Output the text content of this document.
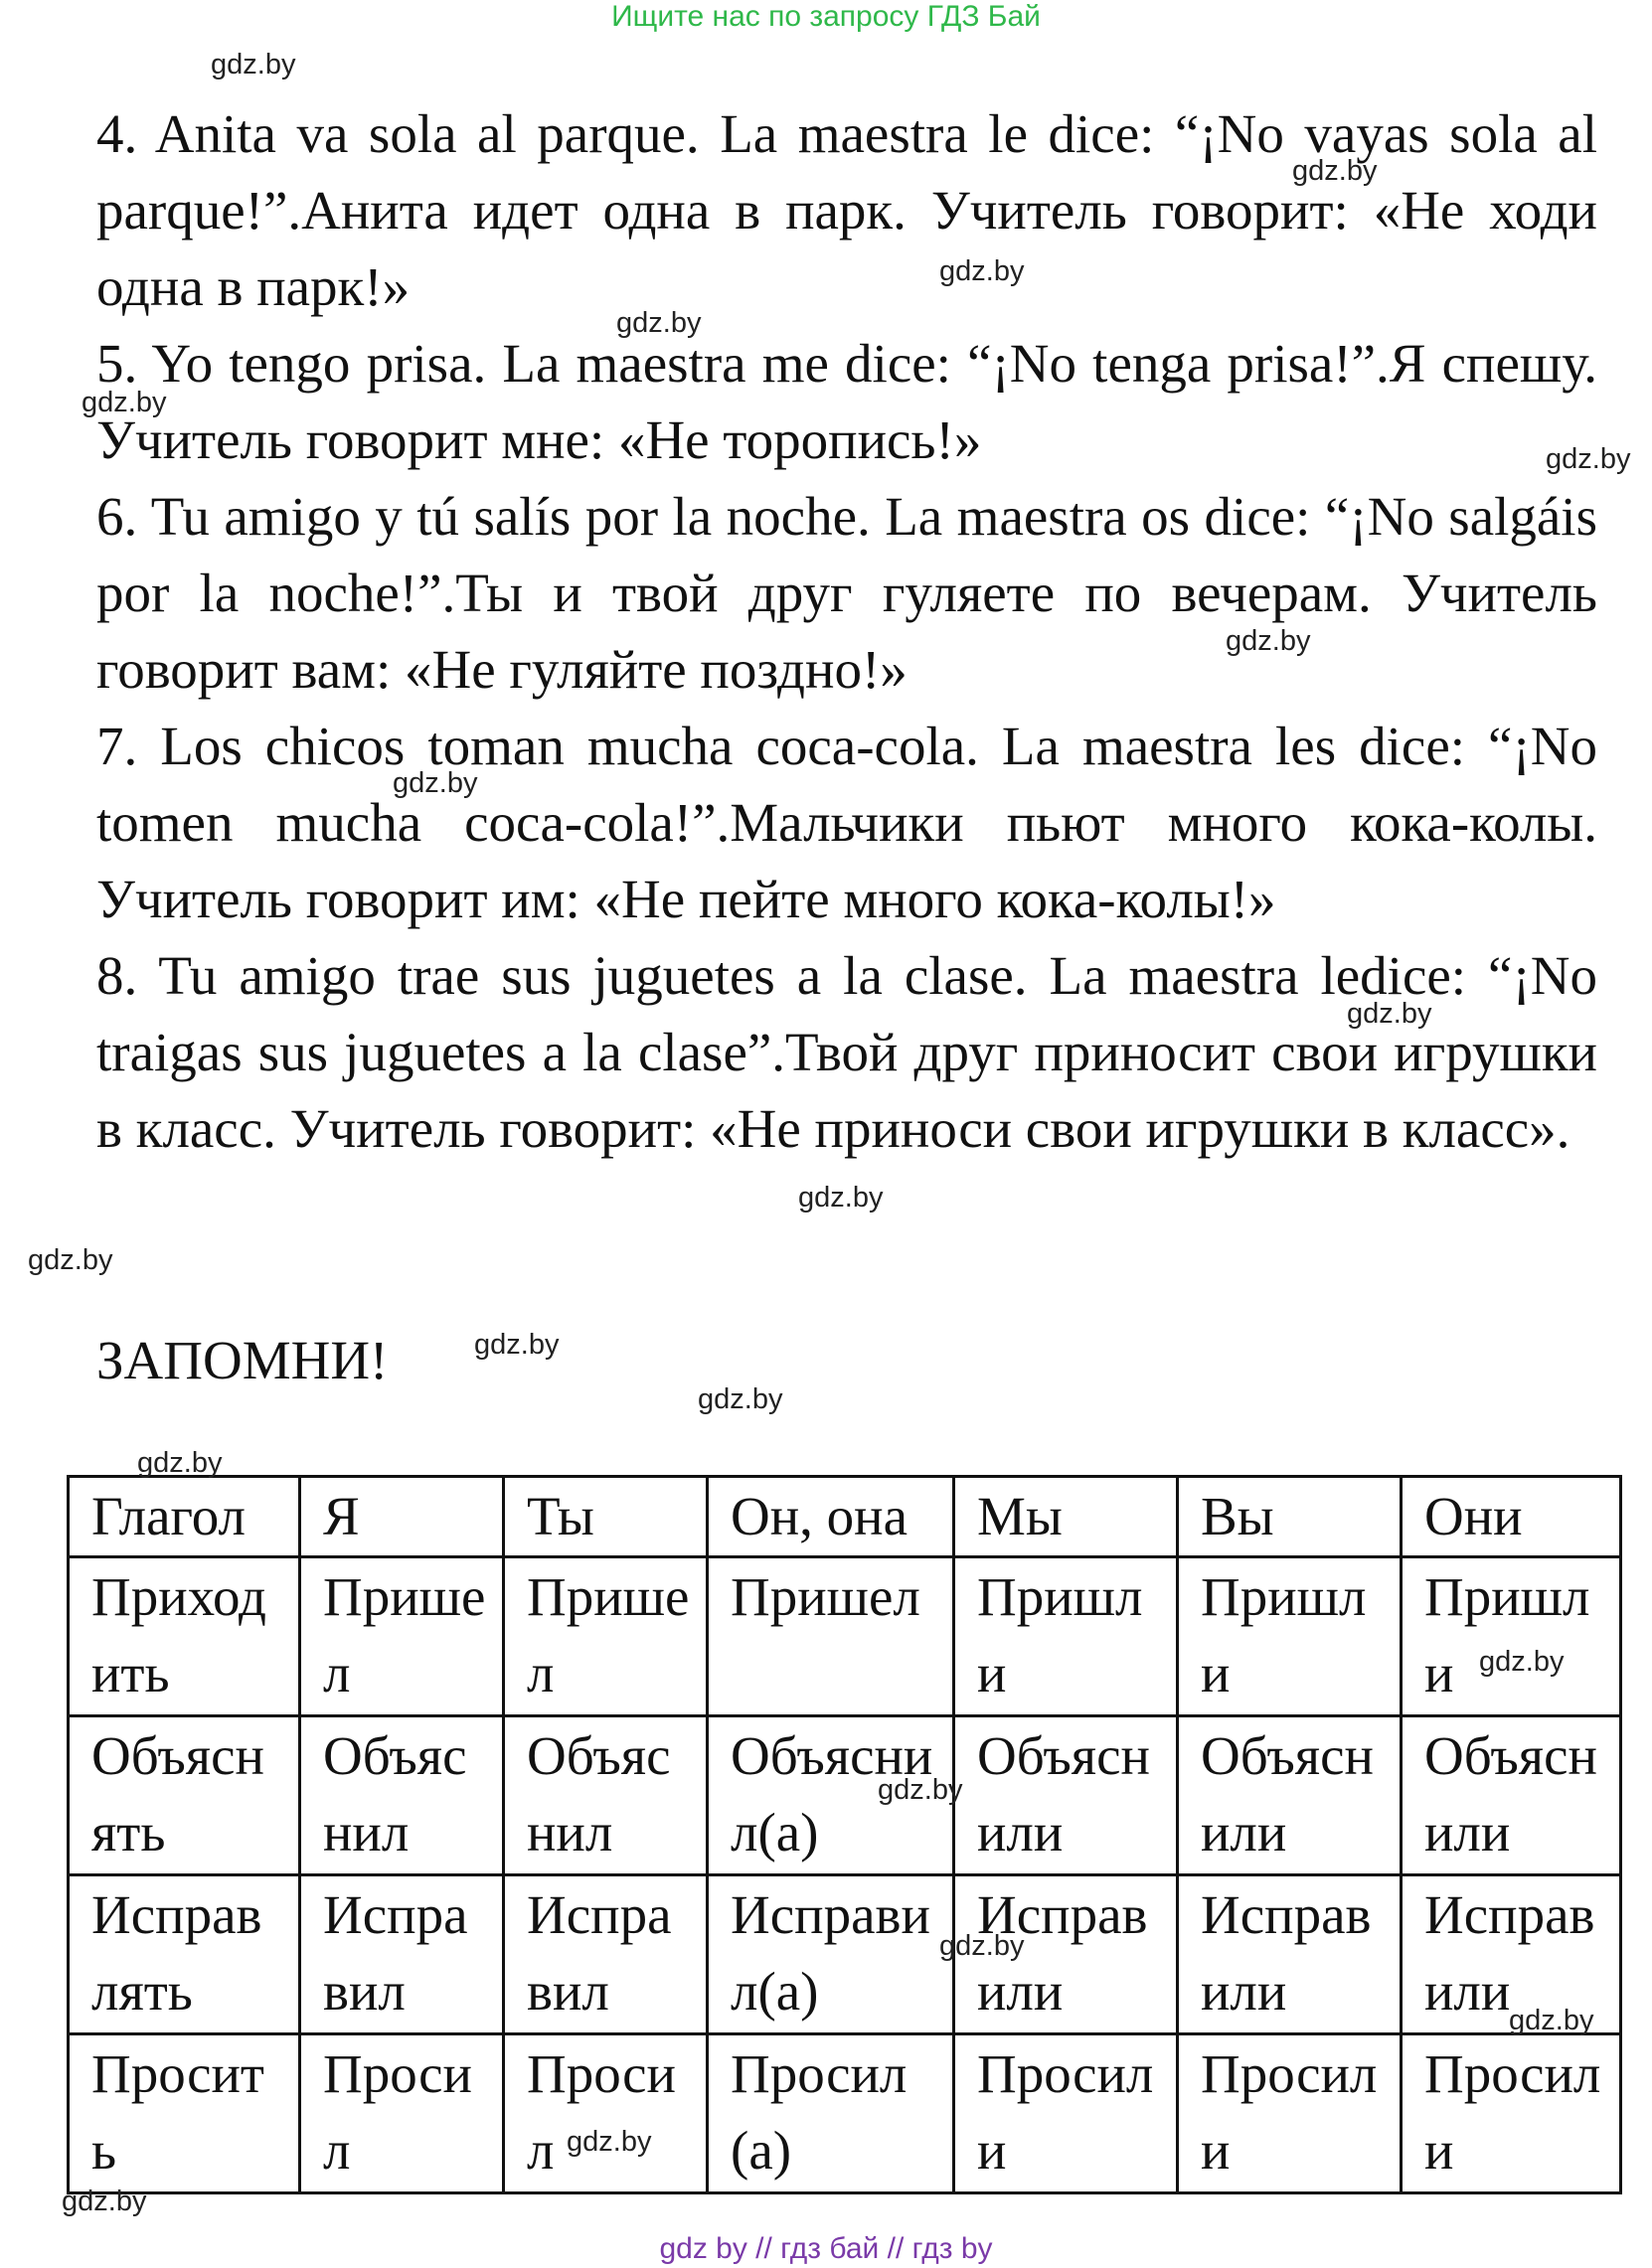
Ищите нас по запросу ГДЗ Бай

4. Anita va sola al parque. La maestra le dice: “¡No vayas sola al parque!”.Анита идет одна в парк. Учитель говорит: «Не ходи одна в парк!»

5. Yo tengo prisa. La maestra me dice: “¡No tenga prisa!”.Я спешу. Учитель говорит мне: «Не торопись!»

6. Tu amigo y tú salís por la noche. La maestra os dice: “¡No salgáis por la noche!”.Ты и твой друг гуляете по вечерам. Учитель говорит вам: «Не гуляйте поздно!»

7. Los chicos toman mucha coca-cola. La maestra les dice: “¡No tomen mucha coca-cola!”.Мальчики пьют много кока-колы. Учитель говорит им: «Не пейте много кока-колы!»

8. Tu amigo trae sus juguetes a la clase. La maestra ledice: “¡No traigas sus juguetes a la clase”.Твой друг приносит свои игрушки в класс. Учитель говорит: «Не приноси свои игрушки в класс».

ЗАПОМНИ!
Глагол	Я	Ты	Он, она	Мы	Вы	Они
Приходить	Пришел	Пришел	Пришел	Пришли	Пришли	Пришли
Объяснять	Объяснил	Объяснил	Объяснил(а)	Объяснили	Объяснили	Объяснили
Исправлять	Исправил	Исправил	Исправил(а)	Исправили	Исправили	Исправили
Просить	Просил	Просил	Просил(а)	Просили	Просили	Просили
gdz.by
gdz.by
gdz.by
gdz.by
gdz.by
gdz.by
gdz.by
gdz.by
gdz.by
gdz.by
gdz.by
gdz.by
gdz.by
gdz.by
gdz.by
gdz.by
gdz.by
gdz.by
gdz.by
gdz.by
gdz by // гдз бай // гдз by
